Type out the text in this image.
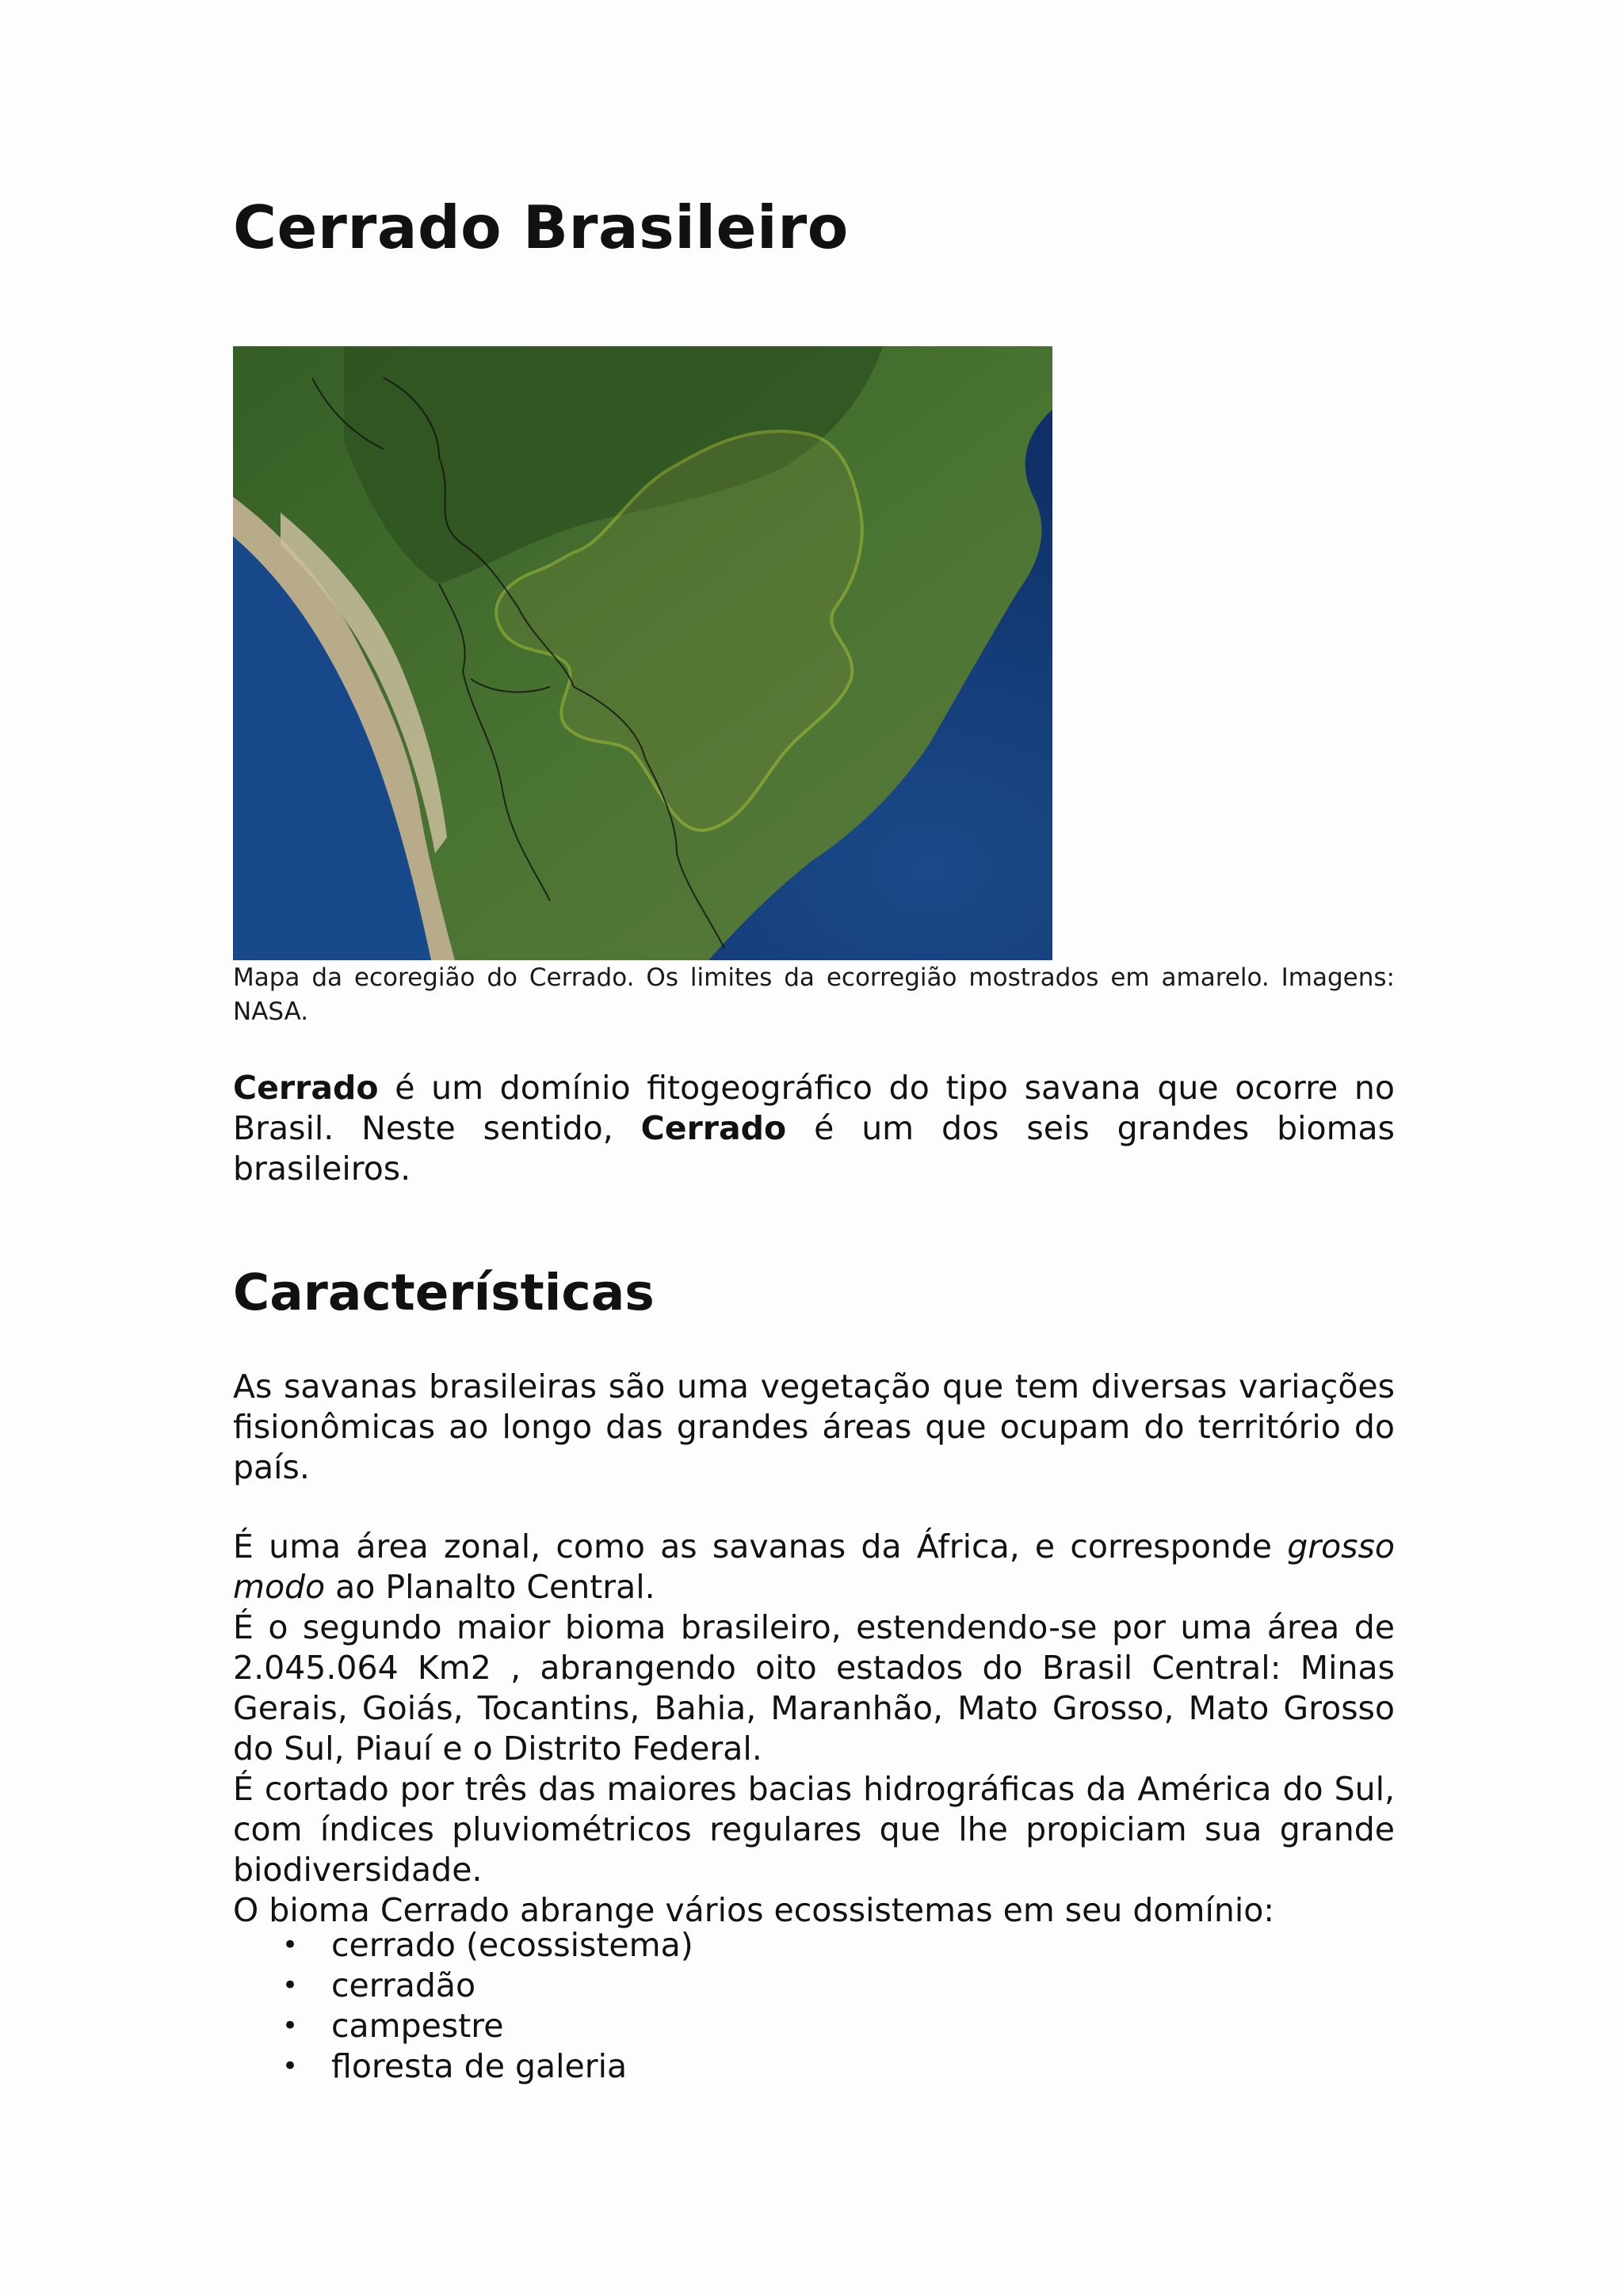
Cerrado Brasileiro
Mapa da ecoregião do Cerrado. Os limites da ecorregião mostrados em amarelo. Imagens: NASA.

Cerrado é um domínio fitogeográfico do tipo savana que ocorre no Brasil. Neste sentido, Cerrado é um dos seis grandes biomas brasileiros.

Características

As savanas brasileiras são uma vegetação que tem diversas variações fisionômicas ao longo das grandes áreas que ocupam do território do país.

É uma área zonal, como as savanas da África, e corresponde grosso modo ao Planalto Central.
É o segundo maior bioma brasileiro, estendendo-se por uma área de 2.045.064 Km2 , abrangendo oito estados do Brasil Central: Minas Gerais, Goiás, Tocantins, Bahia, Maranhão, Mato Grosso, Mato Grosso do Sul, Piauí e o Distrito Federal.
É cortado por três das maiores bacias hidrográficas da América do Sul, com índices pluviométricos regulares que lhe propiciam sua grande biodiversidade.
O bioma Cerrado abrange vários ecossistemas em seu domínio:
• cerrado (ecossistema)
• cerradão
• campestre
• floresta de galeria
